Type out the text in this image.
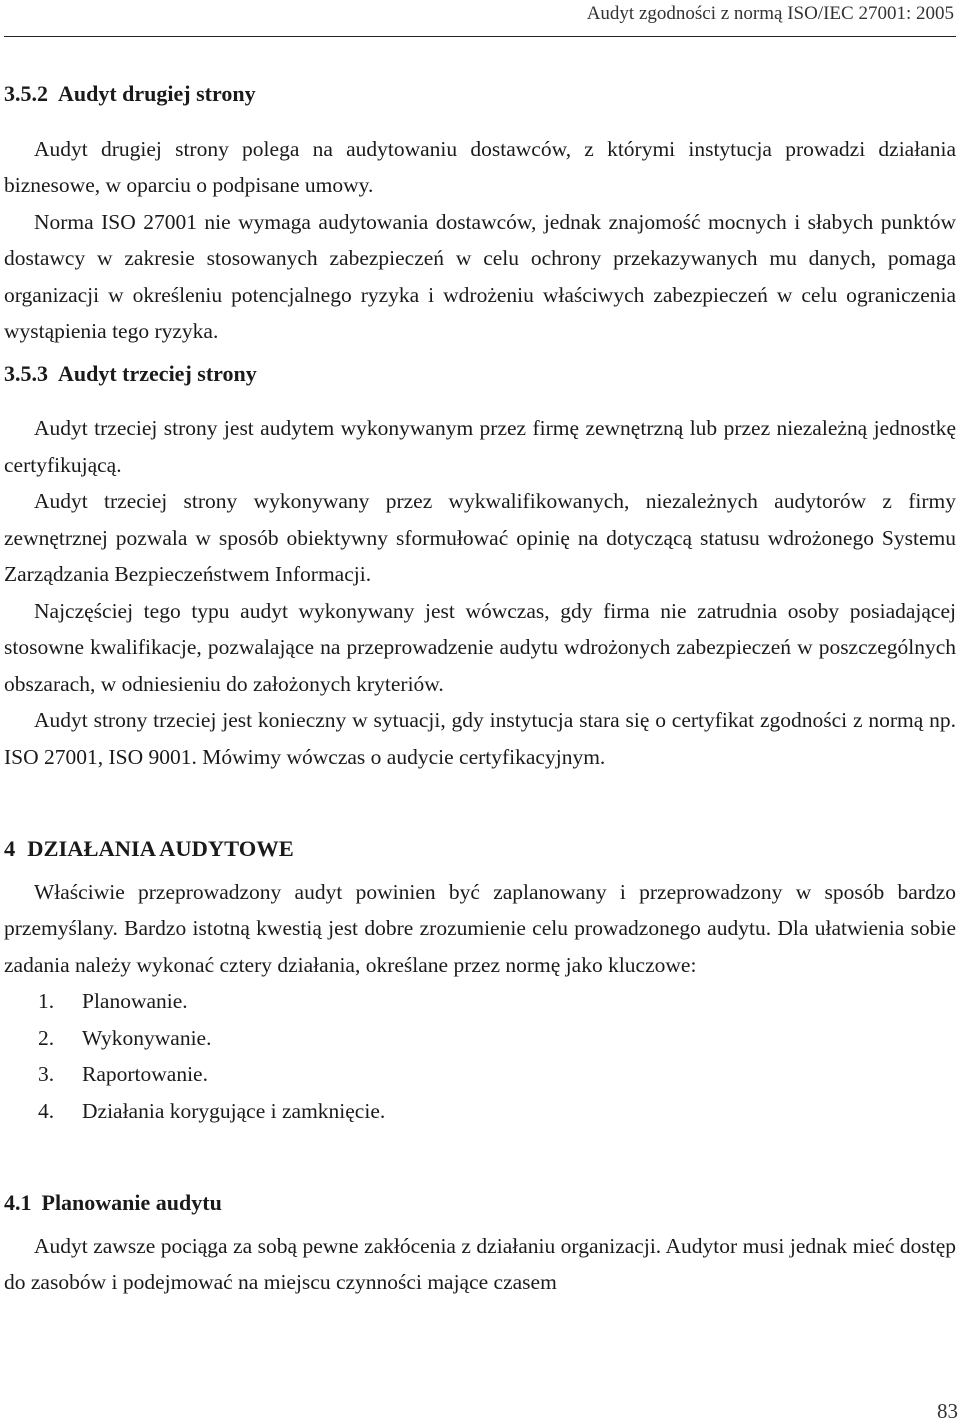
Audyt zgodności z normą ISO/IEC 27001: 2005
3.5.2 Audyt drugiej strony

Audyt drugiej strony polega na audytowaniu dostawców, z którymi instytucja prowadzi działania biznesowe, w oparciu o podpisane umowy.

Norma ISO 27001 nie wymaga audytowania dostawców, jednak znajomość mocnych i słabych punktów dostawcy w zakresie stosowanych zabezpieczeń w celu ochrony przekazywanych mu danych, pomaga organizacji w określeniu potencjalnego ryzyka i wdrożeniu właściwych zabezpieczeń w celu ograniczenia wystąpienia tego ryzyka.

3.5.3 Audyt trzeciej strony

Audyt trzeciej strony jest audytem wykonywanym przez firmę zewnętrzną lub przez niezależną jednostkę certyfikującą.

Audyt trzeciej strony wykonywany przez wykwalifikowanych, niezależnych audytorów z firmy zewnętrznej pozwala w sposób obiektywny sformułować opinię na dotyczącą statusu wdrożonego Systemu Zarządzania Bezpieczeństwem Informacji.

Najczęściej tego typu audyt wykonywany jest wówczas, gdy firma nie zatrudnia osoby posiadającej stosowne kwalifikacje, pozwalające na przeprowadzenie audytu wdrożonych zabezpieczeń w poszczególnych obszarach, w odniesieniu do założonych kryteriów.

Audyt strony trzeciej jest konieczny w sytuacji, gdy instytucja stara się o certyfikat zgodności z normą np. ISO 27001, ISO 9001. Mówimy wówczas o audycie certyfikacyjnym.

4 DZIAŁANIA AUDYTOWE

Właściwie przeprowadzony audyt powinien być zaplanowany i przeprowadzony w sposób bardzo przemyślany. Bardzo istotną kwestią jest dobre zrozumienie celu prowadzonego audytu. Dla ułatwienia sobie zadania należy wykonać cztery działania, określane przez normę jako kluczowe:

1. Planowanie.
2. Wykonywanie.
3. Raportowanie.
4. Działania korygujące i zamknięcie.
4.1 Planowanie audytu

Audyt zawsze pociąga za sobą pewne zakłócenia z działaniu organizacji. Audytor musi jednak mieć dostęp do zasobów i podejmować na miejscu czynności mające czasem

83
